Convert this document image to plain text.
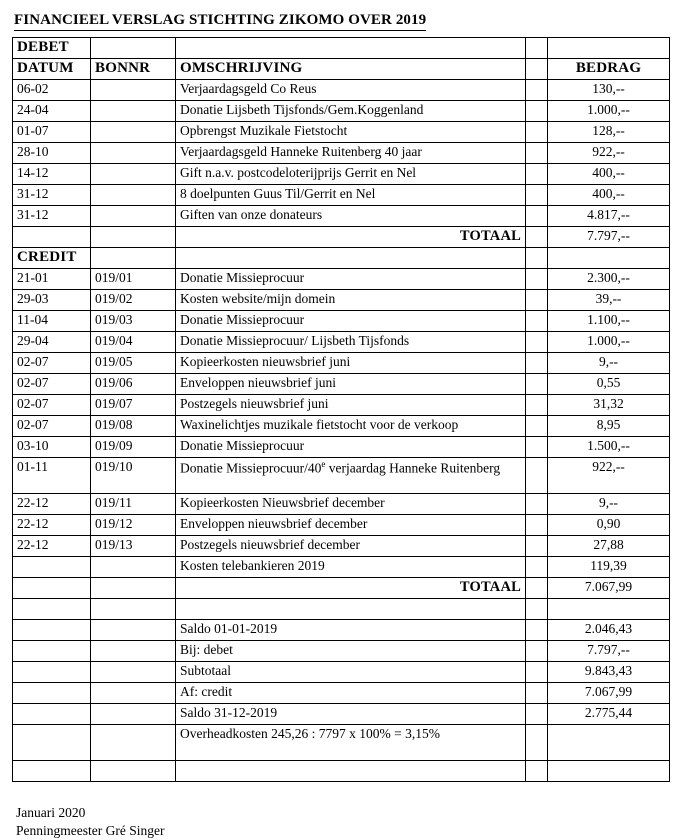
FINANCIEEL VERSLAG STICHTING ZIKOMO OVER 2019
DEBET				
DATUM	BONNR	OMSCHRIJVING		BEDRAG
06-02		Verjaardagsgeld Co Reus		130,--
24-04		Donatie Lijsbeth Tijsfonds/Gem.Koggenland		1.000,--
01-07		Opbrengst Muzikale Fietstocht		128,--
28-10		Verjaardagsgeld Hanneke Ruitenberg 40 jaar		922,--
14-12		Gift n.a.v. postcodeloterijprijs Gerrit en Nel		400,--
31-12		8 doelpunten Guus Til/Gerrit en Nel		400,--
31-12		Giften van onze donateurs		4.817,--
		TOTAAL		7.797,--
CREDIT				
21-01	019/01	Donatie Missieprocuur		2.300,--
29-03	019/02	Kosten website/mijn domein		39,--
11-04	019/03	Donatie Missieprocuur		1.100,--
29-04	019/04	Donatie Missieprocuur/ Lijsbeth Tijsfonds		1.000,--
02-07	019/05	Kopieerkosten nieuwsbrief juni		9,--
02-07	019/06	Enveloppen nieuwsbrief juni		0,55
02-07	019/07	Postzegels nieuwsbrief juni		31,32
02-07	019/08	Waxinelichtjes muzikale fietstocht voor de verkoop		8,95
03-10	019/09	Donatie Missieprocuur		1.500,--
01-11	019/10	Donatie Missieprocuur/40e verjaardag Hanneke Ruitenberg		922,--
22-12	019/11	Kopieerkosten Nieuwsbrief december		9,--
22-12	019/12	Enveloppen nieuwsbrief december		0,90
22-12	019/13	Postzegels nieuwsbrief december		27,88
		Kosten telebankieren 2019		119,39
		TOTAAL		7.067,99

		Saldo 01-01-2019		2.046,43
		Bij: debet		7.797,--
		Subtotaal		9.843,43
		Af: credit		7.067,99
		Saldo 31-12-2019		2.775,44
		Overheadkosten 245,26 : 7797 x 100% = 3,15%		

Januari 2020
Penningmeester Gré Singer
